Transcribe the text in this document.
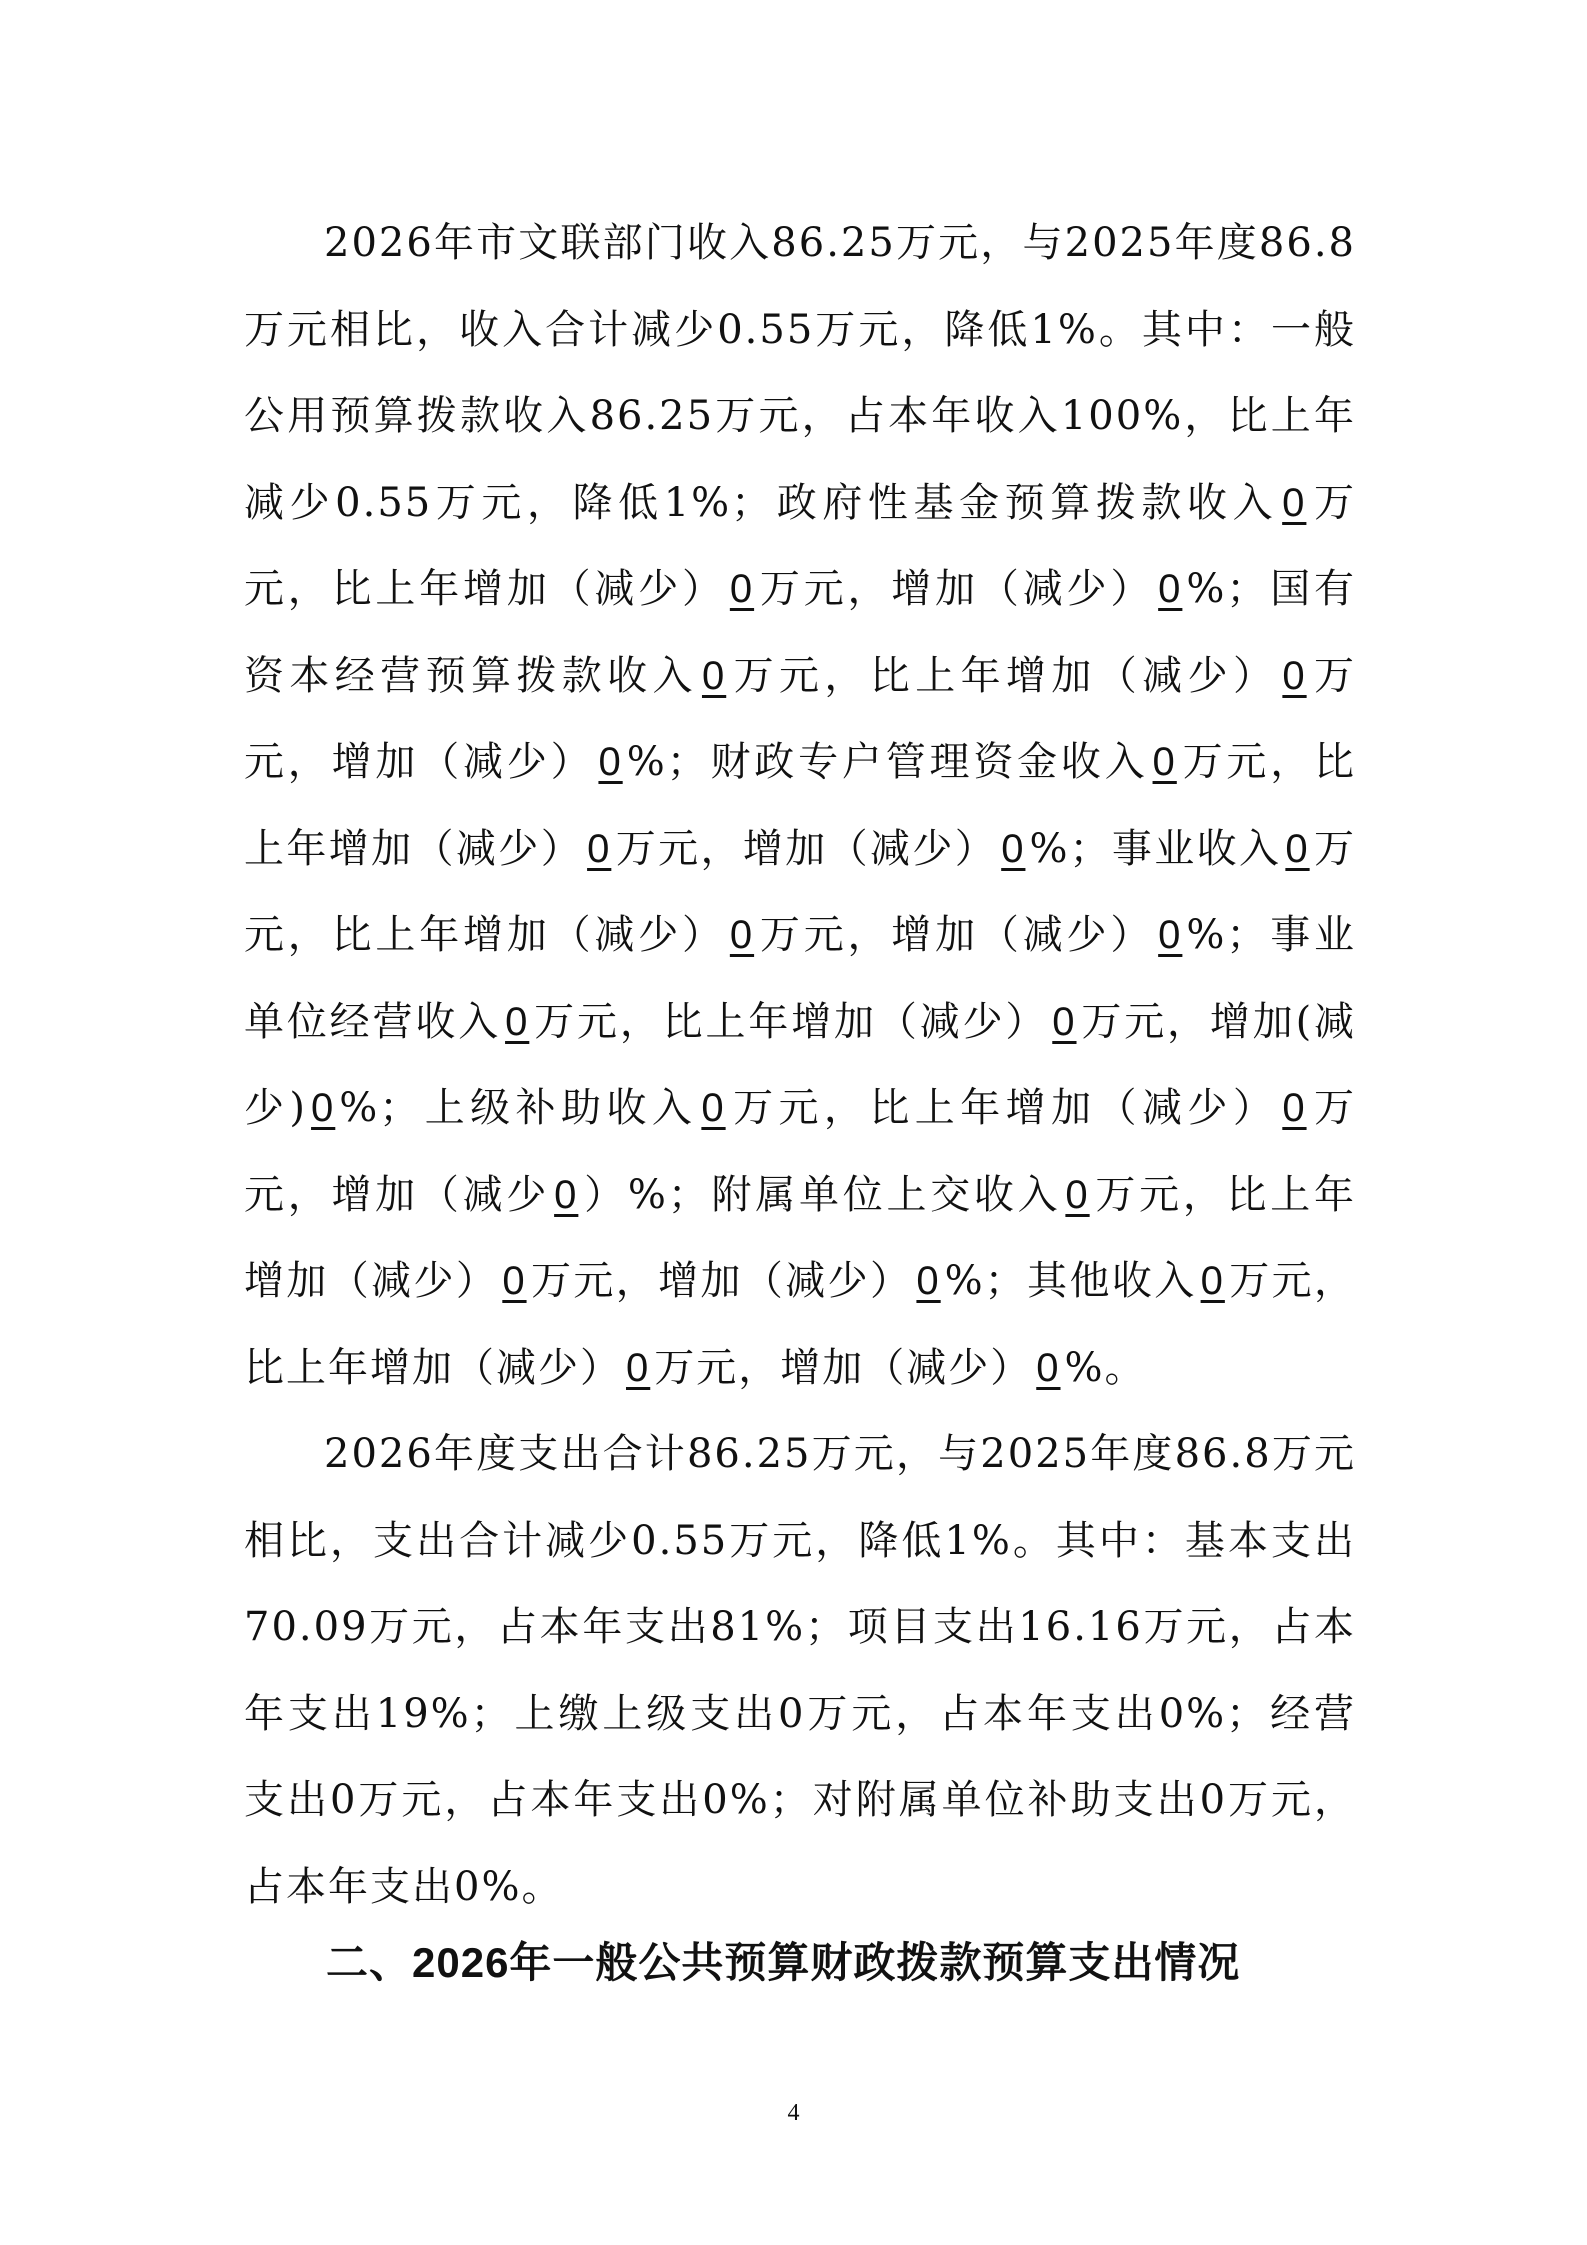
2026年市文联部门收入86.25万元，与2025年度86.8万元相比，收入合计减少0.55万元，降低1%。其中：一般公用预算拨款收入86.25万元，占本年收入100%，比上年减少0.55万元，降低1%；政府性基金预算拨款收入 0 万元，比上年增加（减少） 0 万元，增加（减少） 0 %；国有资本经营预算拨款收入 0 万元，比上年增加（减少） 0 万元，增加（减少） 0 %；财政专户管理资金收入 0 万元，比上年增加（减少） 0 万元，增加（减少） 0 %；事业收入 0 万元，比上年增加（减少） 0 万元，增加（减少） 0 %；事业单位经营收入 0 万元，比上年增加（减少） 0 万元，增加(减少) 0 %；上级补助收入 0 万元，比上年增加（减少） 0 万元，增加（减少 0 ）%；附属单位上交收入 0 万元，比上年增加（减少） 0 万元，增加（减少） 0 %；其他收入 0 万元，比上年增加（减少） 0 万元，增加（减少） 0 %。

2026年度支出合计86.25万元，与2025年度86.8万元相比，支出合计减少0.55万元，降低1%。其中：基本支出70.09万元，占本年支出81%；项目支出16.16万元，占本年支出19%；上缴上级支出0万元，占本年支出0%；经营支出0万元，占本年支出0%；对附属单位补助支出0万元，占本年支出0%。

二、2026年一般公共预算财政拨款预算支出情况
4
